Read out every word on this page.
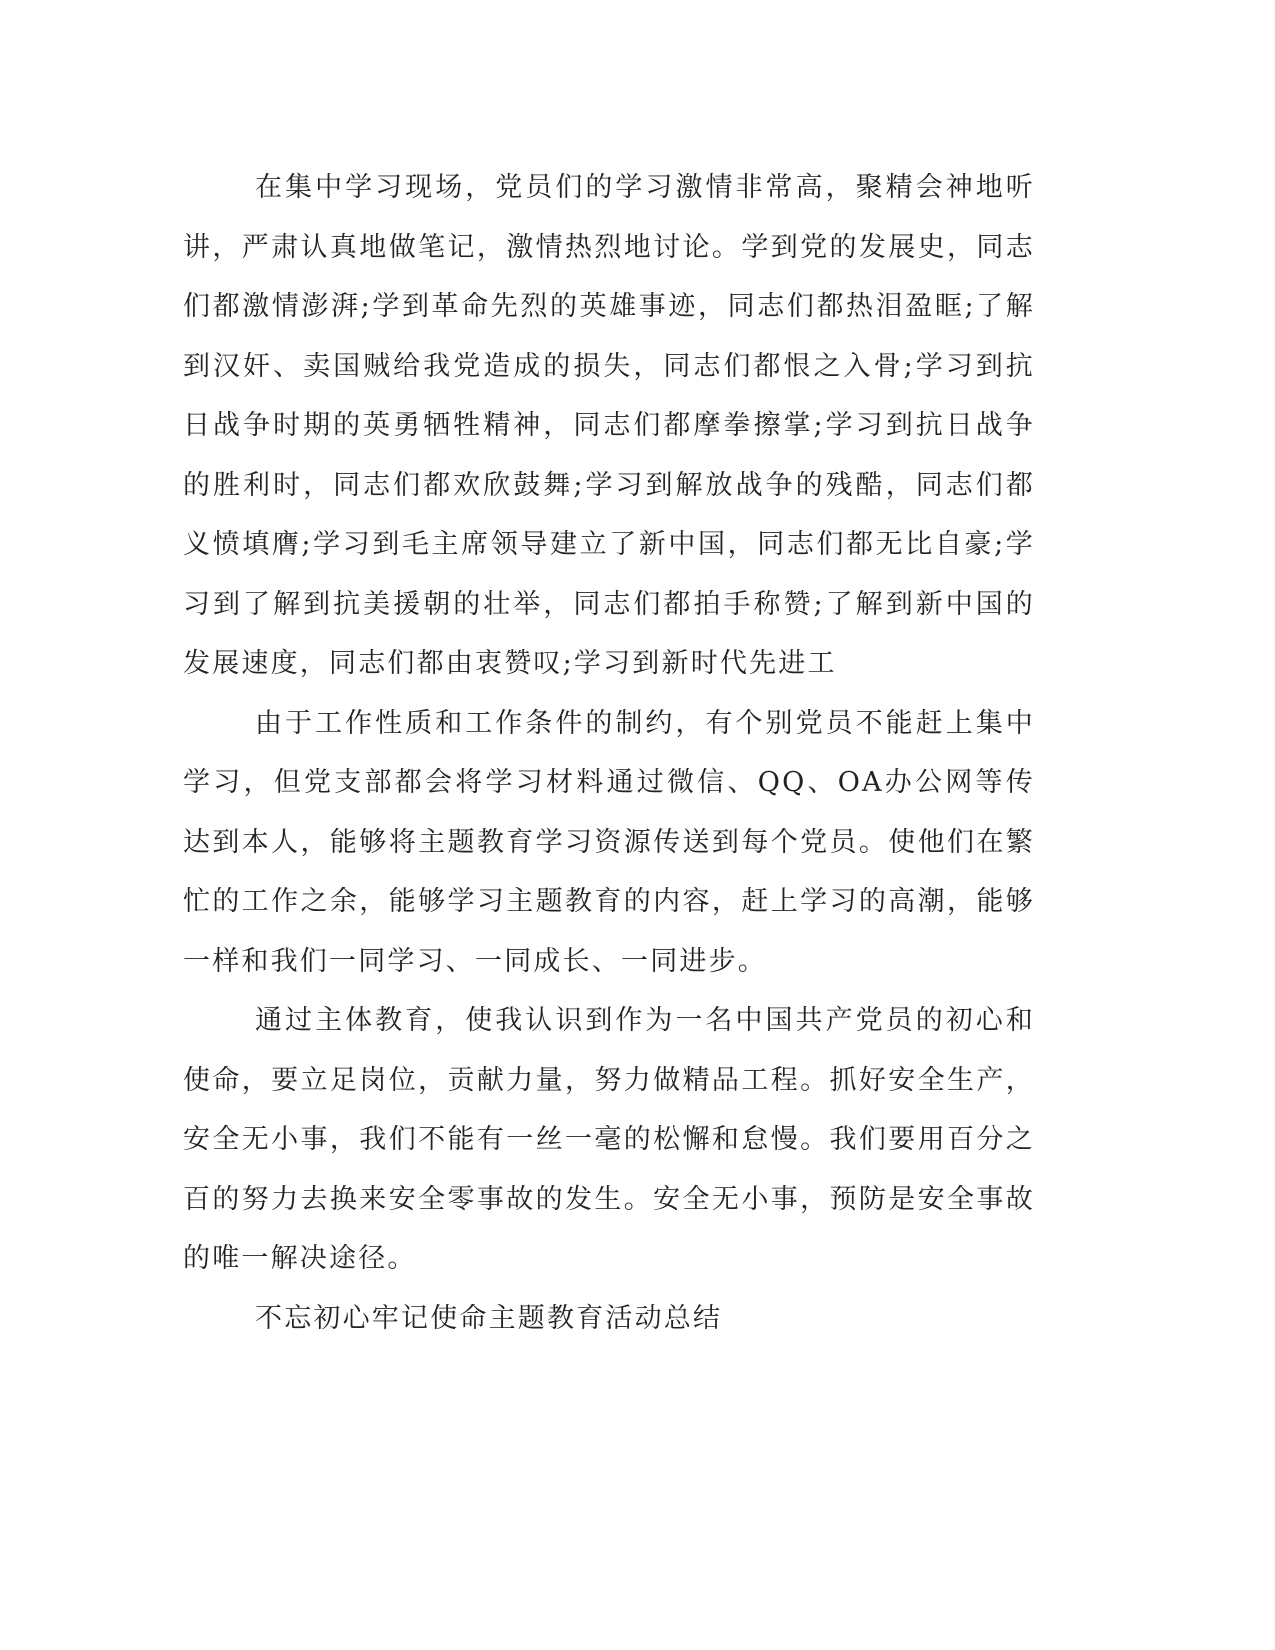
在集中学习现场，党员们的学习激情非常高，聚精会神地听讲，严肃认真地做笔记，激情热烈地讨论。学到党的发展史，同志们都激情澎湃;学到革命先烈的英雄事迹，同志们都热泪盈眶;了解到汉奸、卖国贼给我党造成的损失，同志们都恨之入骨;学习到抗日战争时期的英勇牺牲精神，同志们都摩拳擦掌;学习到抗日战争的胜利时，同志们都欢欣鼓舞;学习到解放战争的残酷，同志们都义愤填膺;学习到毛主席领导建立了新中国，同志们都无比自豪;学习到了解到抗美援朝的壮举，同志们都拍手称赞;了解到新中国的发展速度，同志们都由衷赞叹;学习到新时代先进工

由于工作性质和工作条件的制约，有个别党员不能赶上集中学习，但党支部都会将学习材料通过微信、QQ、OA办公网等传达到本人，能够将主题教育学习资源传送到每个党员。使他们在繁忙的工作之余，能够学习主题教育的内容，赶上学习的高潮，能够一样和我们一同学习、一同成长、一同进步。

通过主体教育，使我认识到作为一名中国共产党员的初心和使命，要立足岗位，贡献力量，努力做精品工程。抓好安全生产，安全无小事，我们不能有一丝一毫的松懈和怠慢。我们要用百分之百的努力去换来安全零事故的发生。安全无小事，预防是安全事故的唯一解决途径。

不忘初心牢记使命主题教育活动总结
